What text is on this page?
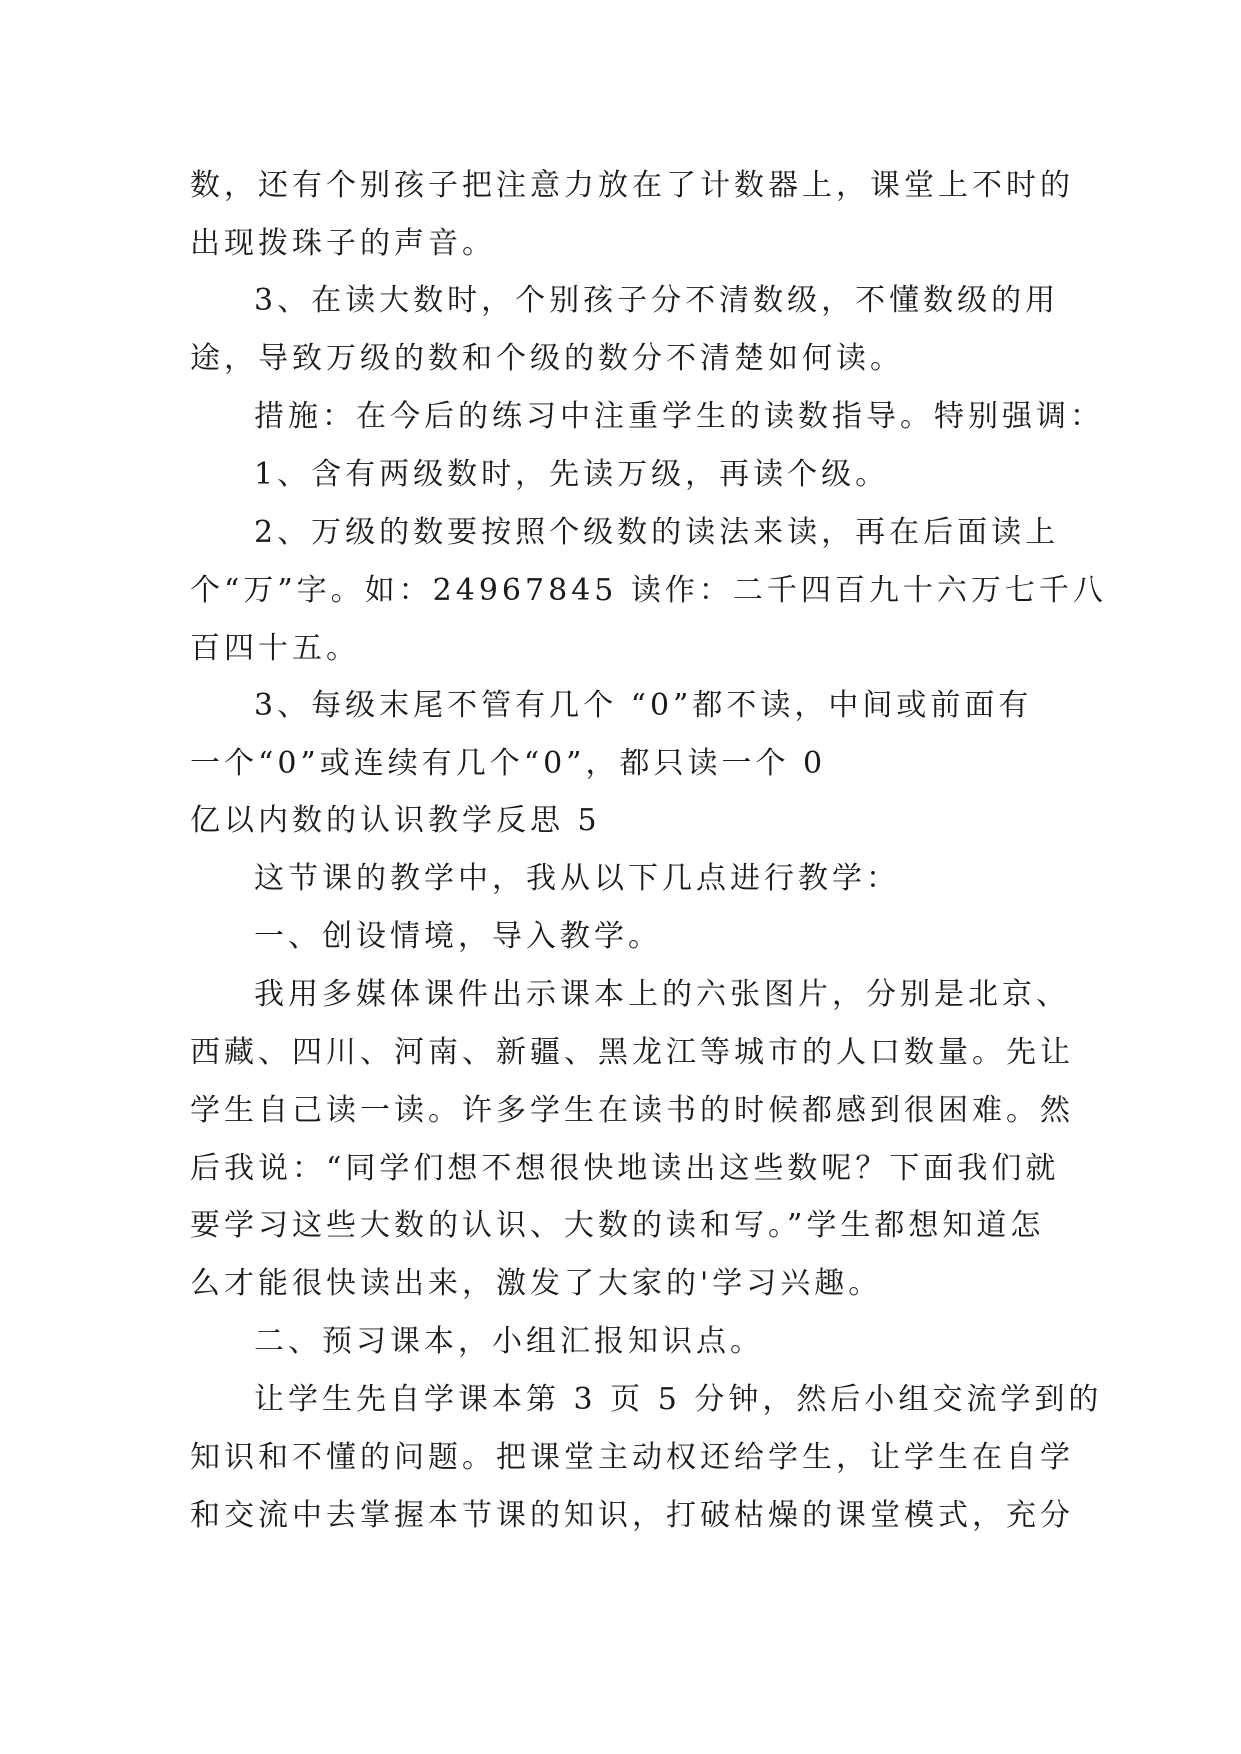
数，还有个别孩子把注意力放在了计数器上，课堂上不时的
出现拨珠子的声音。
3、在读大数时，个别孩子分不清数级，不懂数级的用
途，导致万级的数和个级的数分不清楚如何读。
措施：在今后的练习中注重学生的读数指导。特别强调：
1、含有两级数时，先读万级，再读个级。
2、万级的数要按照个级数的读法来读，再在后面读上
个“万”字。如：24967845 读作：二千四百九十六万七千八
百四十五。
3、每级末尾不管有几个 “0”都不读，中间或前面有
一个“0”或连续有几个“0”，都只读一个 0
亿以内数的认识教学反思 5
这节课的教学中，我从以下几点进行教学：
一、创设情境，导入教学。
我用多媒体课件出示课本上的六张图片，分别是北京、
西藏、四川、河南、新疆、黑龙江等城市的人口数量。先让
学生自己读一读。许多学生在读书的时候都感到很困难。然
后我说：“同学们想不想很快地读出这些数呢？下面我们就
要学习这些大数的认识、大数的读和写。”学生都想知道怎
么才能很快读出来，激发了大家的'学习兴趣。
二、预习课本，小组汇报知识点。
让学生先自学课本第 3 页 5 分钟，然后小组交流学到的
知识和不懂的问题。把课堂主动权还给学生，让学生在自学
和交流中去掌握本节课的知识，打破枯燥的课堂模式，充分
